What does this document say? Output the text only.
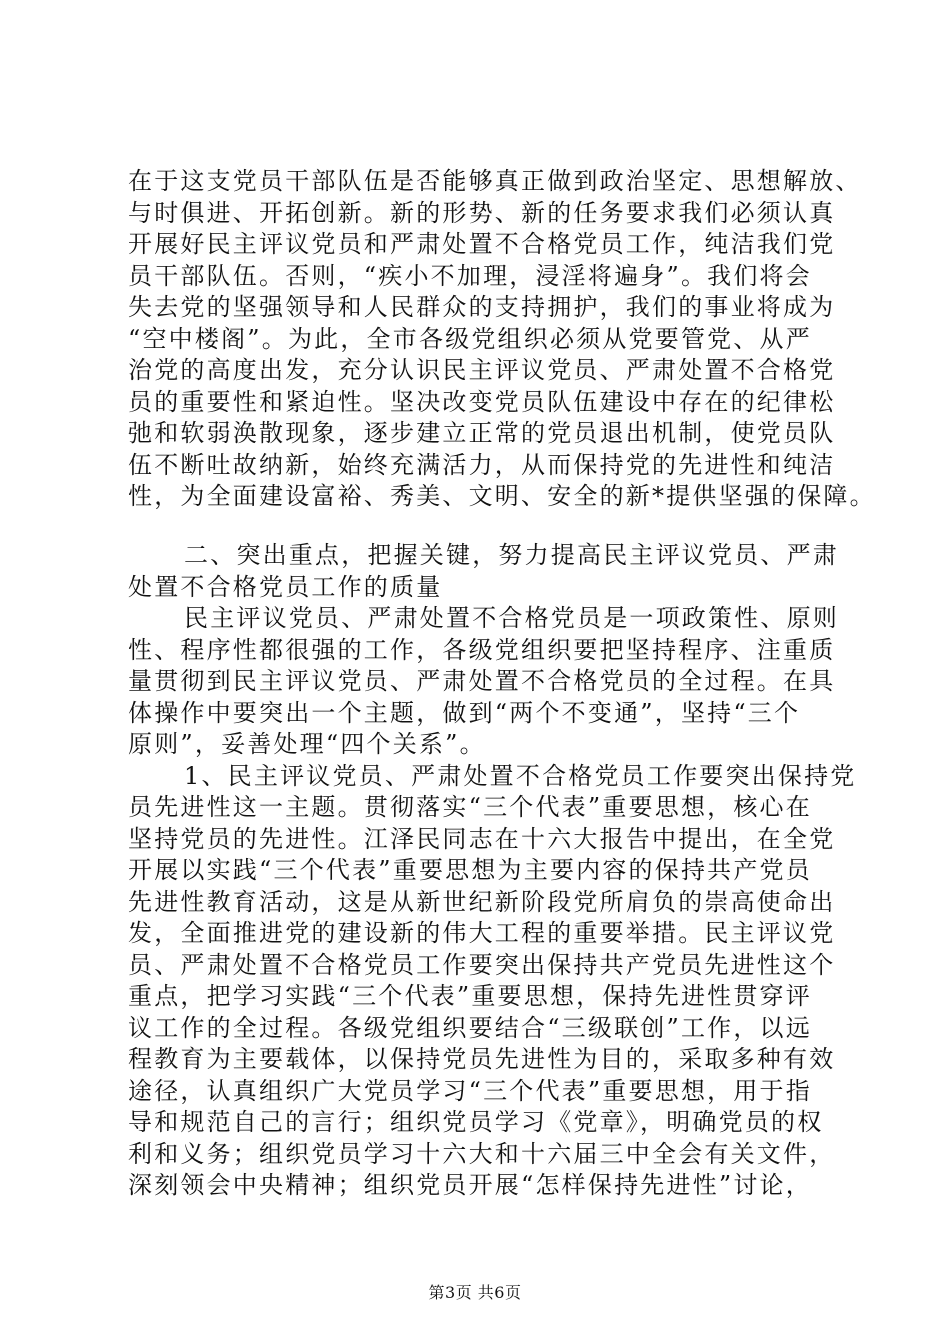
在于这支党员干部队伍是否能够真正做到政治坚定、思想解放、
与时俱进、开拓创新。新的形势、新的任务要求我们必须认真
开展好民主评议党员和严肃处置不合格党员工作，纯洁我们党
员干部队伍。否则，“疾小不加理，浸淫将遍身”。我们将会
失去党的坚强领导和人民群众的支持拥护，我们的事业将成为
“空中楼阁”。为此，全市各级党组织必须从党要管党、从严
治党的高度出发，充分认识民主评议党员、严肃处置不合格党
员的重要性和紧迫性。坚决改变党员队伍建设中存在的纪律松
弛和软弱涣散现象，逐步建立正常的党员退出机制，使党员队
伍不断吐故纳新，始终充满活力，从而保持党的先进性和纯洁
性，为全面建设富裕、秀美、文明、安全的新*提供坚强的保障。
二、突出重点，把握关键，努力提高民主评议党员、严肃
处置不合格党员工作的质量
民主评议党员、严肃处置不合格党员是一项政策性、原则
性、程序性都很强的工作，各级党组织要把坚持程序、注重质
量贯彻到民主评议党员、严肃处置不合格党员的全过程。在具
体操作中要突出一个主题，做到“两个不变通”，坚持“三个
原则”，妥善处理“四个关系”。
1、民主评议党员、严肃处置不合格党员工作要突出保持党
员先进性这一主题。贯彻落实“三个代表”重要思想，核心在
坚持党员的先进性。江泽民同志在十六大报告中提出，在全党
开展以实践“三个代表”重要思想为主要内容的保持共产党员
先进性教育活动，这是从新世纪新阶段党所肩负的崇高使命出
发，全面推进党的建设新的伟大工程的重要举措。民主评议党
员、严肃处置不合格党员工作要突出保持共产党员先进性这个
重点，把学习实践“三个代表”重要思想，保持先进性贯穿评
议工作的全过程。各级党组织要结合“三级联创”工作，以远
程教育为主要载体，以保持党员先进性为目的，采取多种有效
途径，认真组织广大党员学习“三个代表”重要思想，用于指
导和规范自己的言行；组织党员学习《党章》，明确党员的权
利和义务；组织党员学习十六大和十六届三中全会有关文件，
深刻领会中央精神；组织党员开展“怎样保持先进性”讨论，
第3页 共6页
